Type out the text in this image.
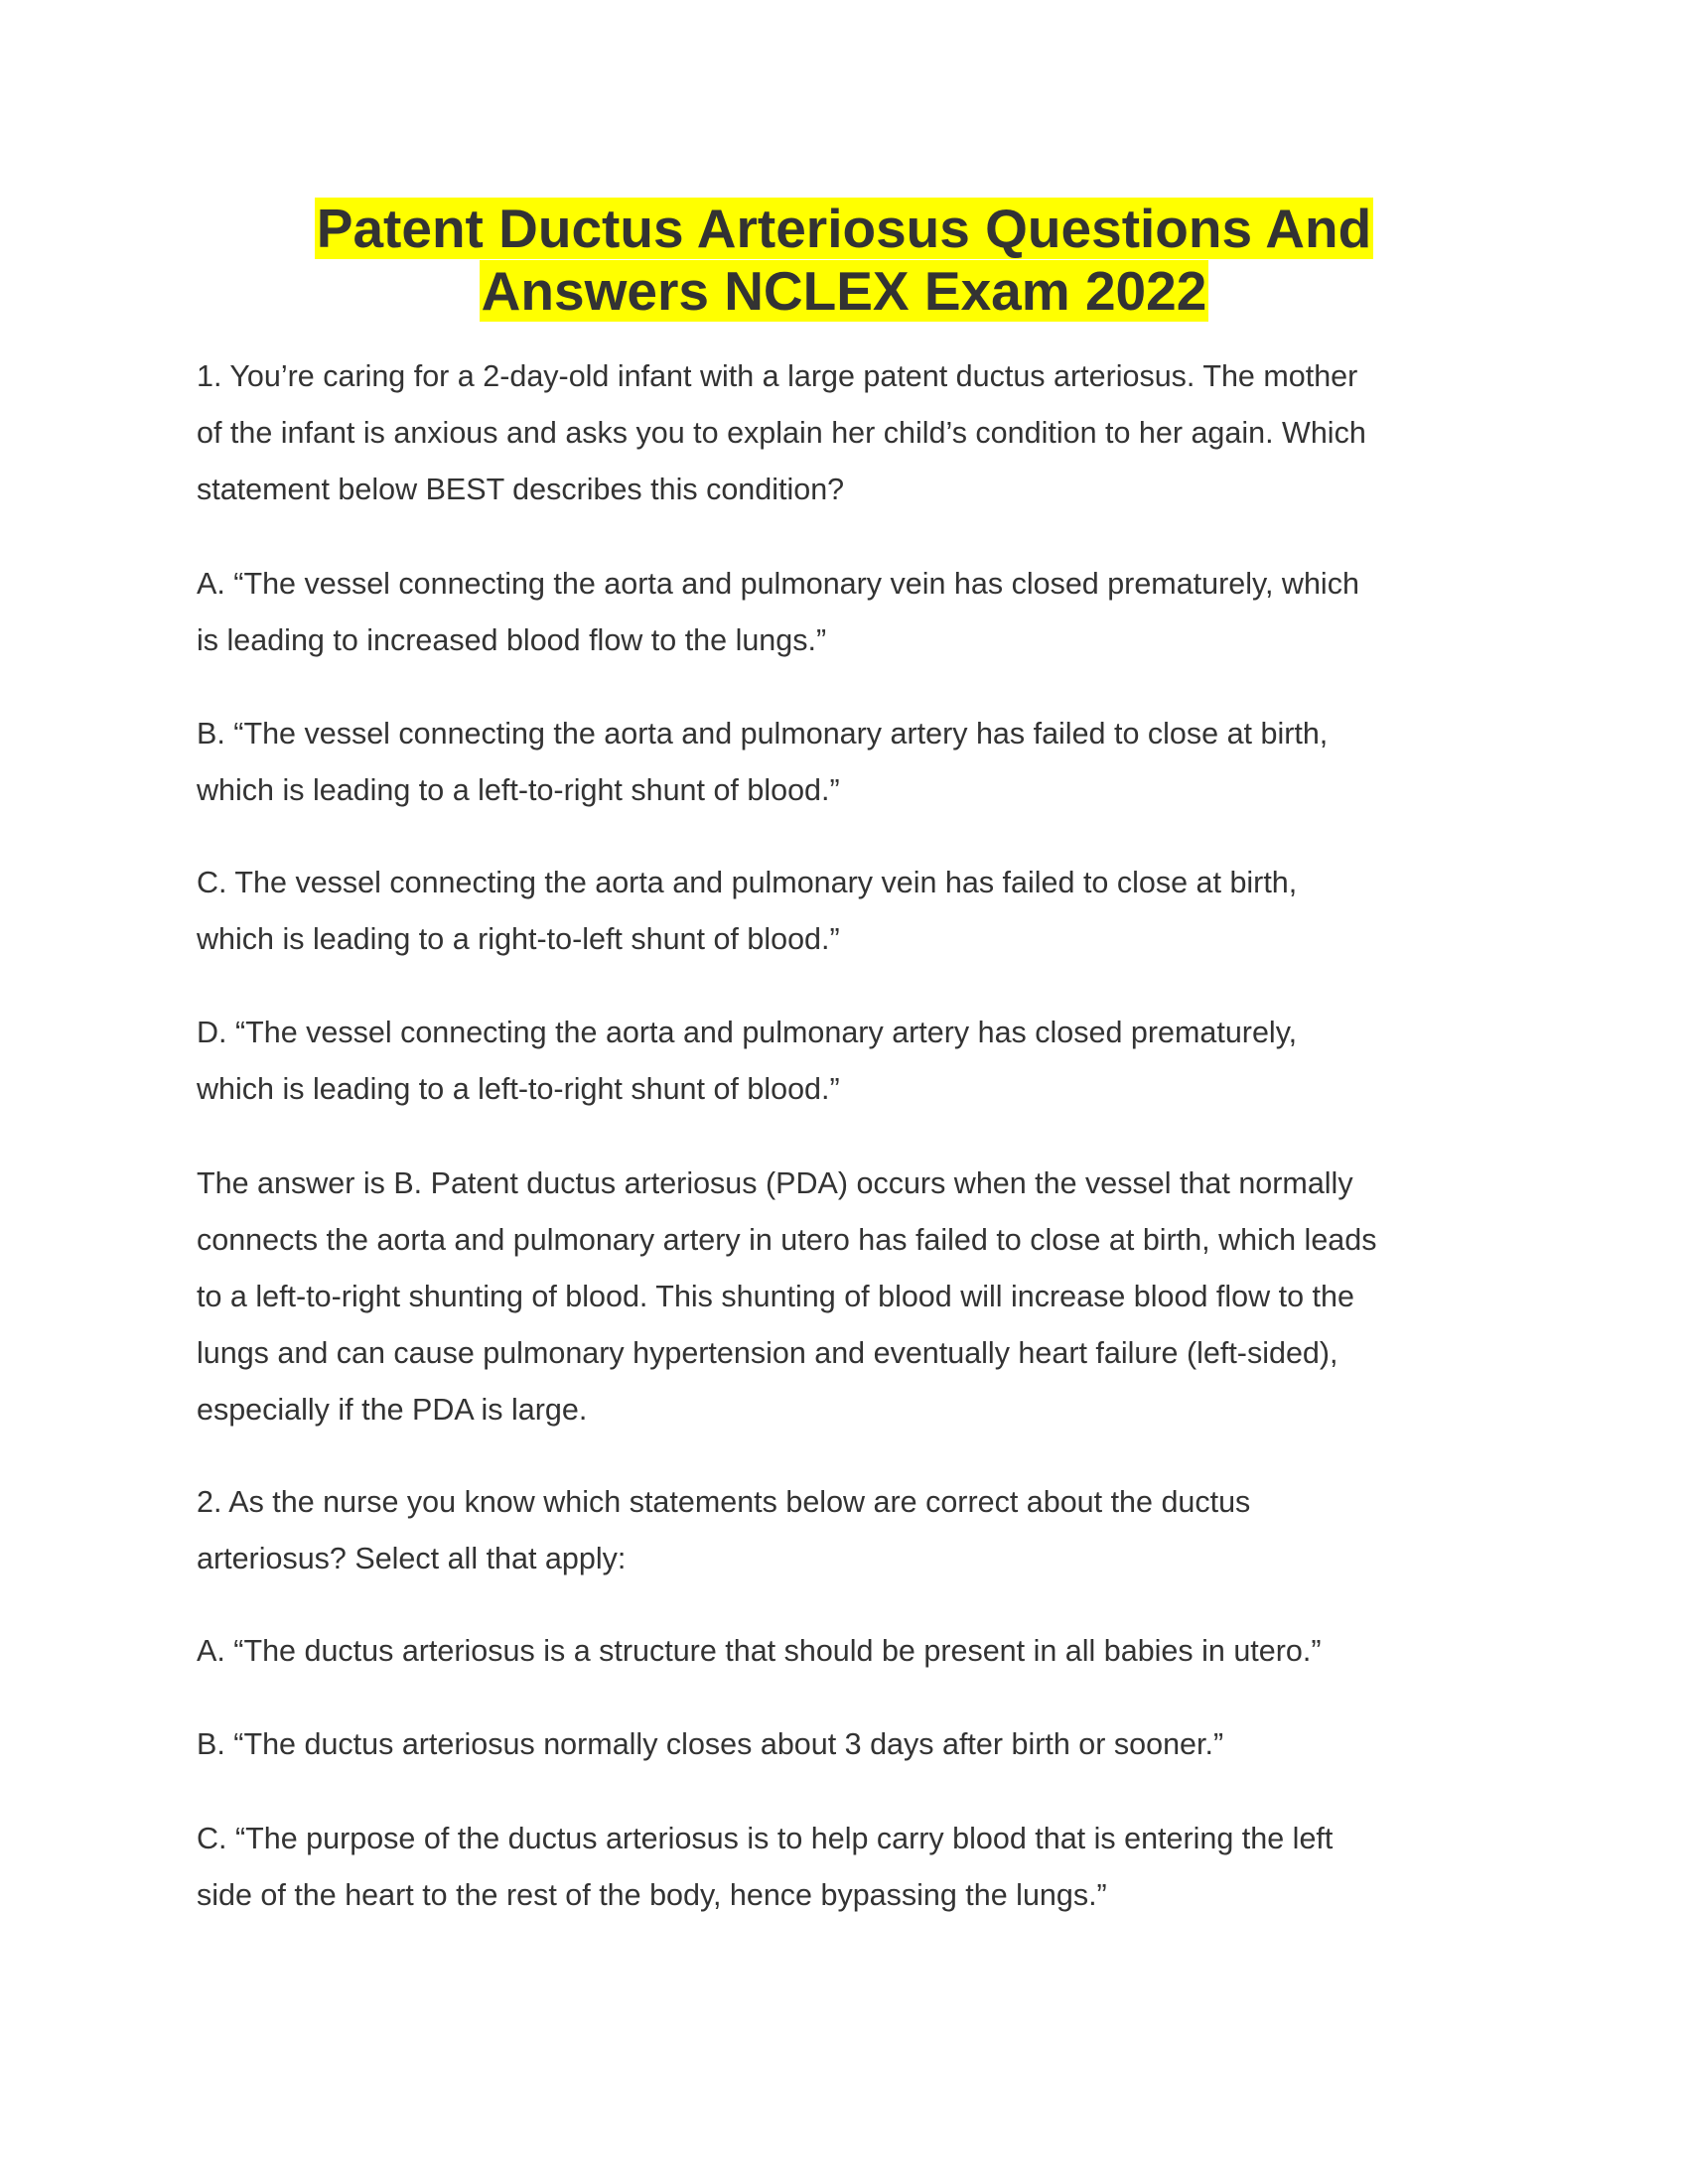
Patent Ductus Arteriosus Questions And
Answers NCLEX Exam 2022
1. You’re caring for a 2-day-old infant with a large patent ductus arteriosus. The mother
of the infant is anxious and asks you to explain her child’s condition to her again. Which
statement below BEST describes this condition?
A. “The vessel connecting the aorta and pulmonary vein has closed prematurely, which
is leading to increased blood flow to the lungs.”
B. “The vessel connecting the aorta and pulmonary artery has failed to close at birth,
which is leading to a left-to-right shunt of blood.”
C. The vessel connecting the aorta and pulmonary vein has failed to close at birth,
which is leading to a right-to-left shunt of blood.”
D. “The vessel connecting the aorta and pulmonary artery has closed prematurely,
which is leading to a left-to-right shunt of blood.”
The answer is B. Patent ductus arteriosus (PDA) occurs when the vessel that normally
connects the aorta and pulmonary artery in utero has failed to close at birth, which leads
to a left-to-right shunting of blood. This shunting of blood will increase blood flow to the
lungs and can cause pulmonary hypertension and eventually heart failure (left-sided),
especially if the PDA is large.
2. As the nurse you know which statements below are correct about the ductus
arteriosus? Select all that apply:
A. “The ductus arteriosus is a structure that should be present in all babies in utero.”
B. “The ductus arteriosus normally closes about 3 days after birth or sooner.”
C. “The purpose of the ductus arteriosus is to help carry blood that is entering the left
side of the heart to the rest of the body, hence bypassing the lungs.”
